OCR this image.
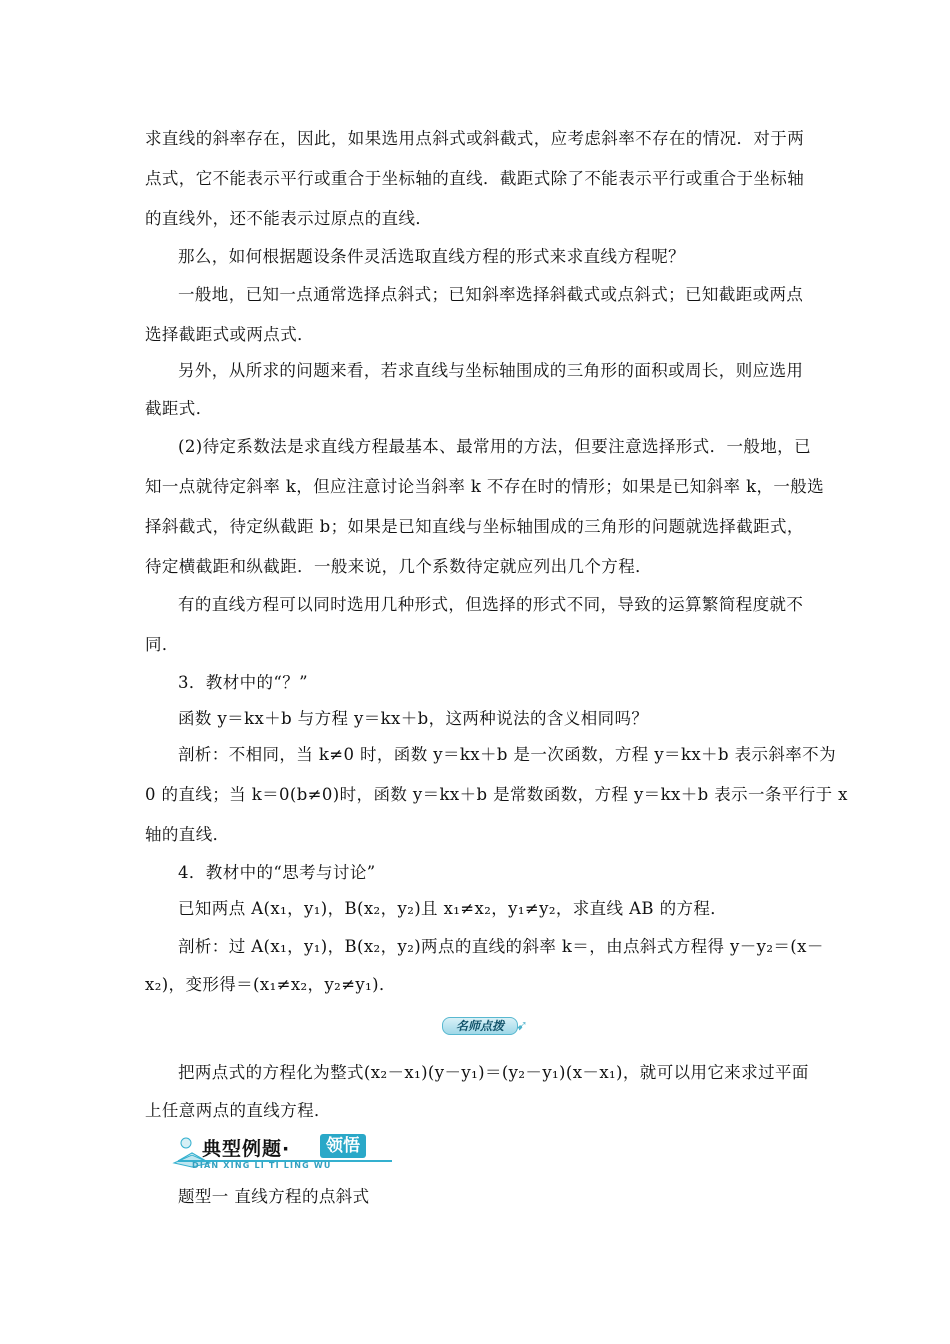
求直线的斜率存在，因此，如果选用点斜式或斜截式，应考虑斜率不存在的情况．对于两
点式，它不能表示平行或重合于坐标轴的直线．截距式除了不能表示平行或重合于坐标轴
的直线外，还不能表示过原点的直线．
那么，如何根据题设条件灵活选取直线方程的形式来求直线方程呢？
一般地，已知一点通常选择点斜式；已知斜率选择斜截式或点斜式；已知截距或两点
选择截距式或两点式．
另外，从所求的问题来看，若求直线与坐标轴围成的三角形的面积或周长，则应选用
截距式．
(2)待定系数法是求直线方程最基本、最常用的方法，但要注意选择形式．一般地，已
知一点就待定斜率 k，但应注意讨论当斜率 k 不存在时的情形；如果是已知斜率 k，一般选
择斜截式，待定纵截距 b；如果是已知直线与坐标轴围成的三角形的问题就选择截距式，
待定横截距和纵截距．一般来说，几个系数待定就应列出几个方程．
有的直线方程可以同时选用几种形式，但选择的形式不同，导致的运算繁简程度就不
同．
3．教材中的“？”
函数 y＝kx＋b 与方程 y＝kx＋b，这两种说法的含义相同吗？
剖析：不相同，当 k≠0 时，函数 y＝kx＋b 是一次函数，方程 y＝kx＋b 表示斜率不为
0 的直线；当 k＝0(b≠0)时，函数 y＝kx＋b 是常数函数，方程 y＝kx＋b 表示一条平行于 x
轴的直线．
4．教材中的“思考与讨论”
已知两点 A(x₁，y₁)，B(x₂，y₂)且 x₁≠x₂，y₁≠y₂，求直线 AB 的方程．
剖析：过 A(x₁，y₁)，B(x₂，y₂)两点的直线的斜率 k＝，由点斜式方程得 y－y₂＝(x－
x₂)，变形得＝(x₁≠x₂，y₂≠y₁)．
名师点拨 ➹
把两点式的方程化为整式(x₂－x₁)(y－y₁)＝(y₂－y₁)(x－x₁)，就可以用它来求过平面
上任意两点的直线方程．
典型例题·	领悟
DIAN XING LI TI LING WU
题型一 直线方程的点斜式
